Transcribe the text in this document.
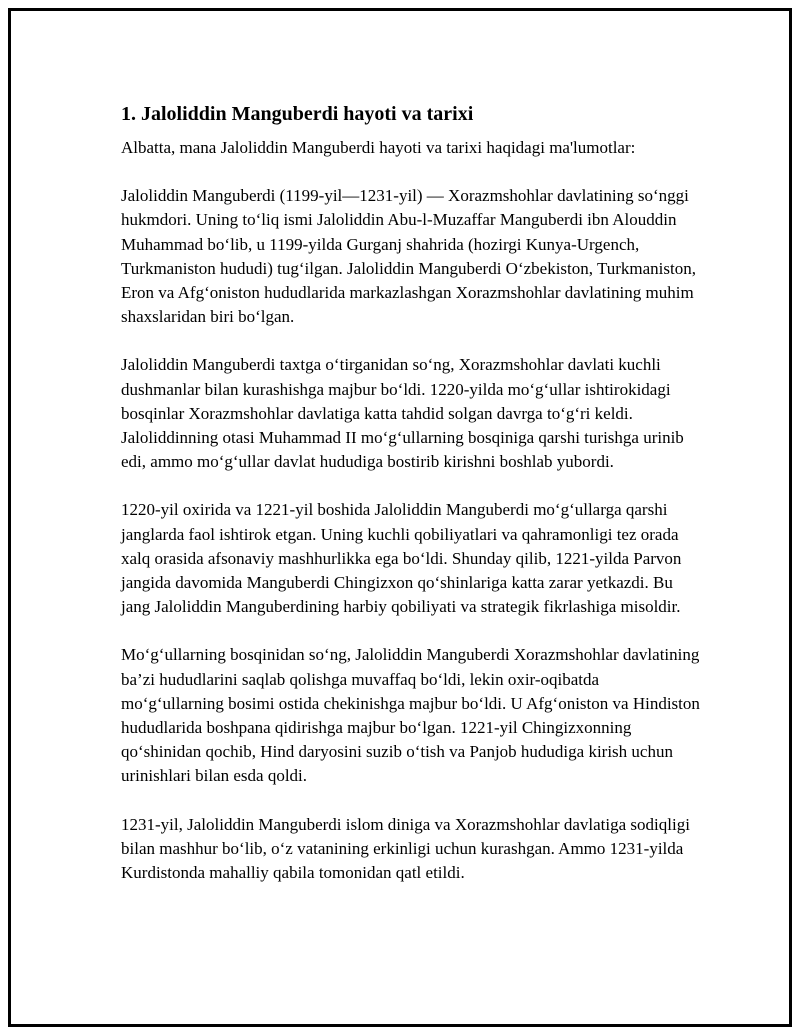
1. Jaloliddin Manguberdi hayoti va tarixi

Albatta, mana Jaloliddin Manguberdi hayoti va tarixi haqidagi ma'lumotlar:

Jaloliddin Manguberdi (1199-yil—1231-yil) — Xorazmshohlar davlatining so‘nggi hukmdori. Uning to‘liq ismi Jaloliddin Abu-l-Muzaffar Manguberdi ibn Alouddin Muhammad bo‘lib, u 1199-yilda Gurganj shahrida (hozirgi Kunya-Urgench, Turkmaniston hududi) tug‘ilgan. Jaloliddin Manguberdi O‘zbekiston, Turkmaniston, Eron va Afg‘oniston hududlarida markazlashgan Xorazmshohlar davlatining muhim shaxslaridan biri bo‘lgan.

Jaloliddin Manguberdi taxtga o‘tirganidan so‘ng, Xorazmshohlar davlati kuchli dushmanlar bilan kurashishga majbur bo‘ldi. 1220-yilda mo‘g‘ullar ishtirokidagi bosqinlar Xorazmshohlar davlatiga katta tahdid solgan davrga to‘g‘ri keldi. Jaloliddinning otasi Muhammad II mo‘g‘ullarning bosqiniga qarshi turishga urinib edi, ammo mo‘g‘ullar davlat hududiga bostirib kirishni boshlab yubordi.

1220-yil oxirida va 1221-yil boshida Jaloliddin Manguberdi mo‘g‘ullarga qarshi janglarda faol ishtirok etgan. Uning kuchli qobiliyatlari va qahramonligi tez orada xalq orasida afsonaviy mashhurlikka ega bo‘ldi. Shunday qilib, 1221-yilda Parvon jangida davomida Manguberdi Chingizxon qo‘shinlariga katta zarar yetkazdi. Bu jang Jaloliddin Manguberdining harbiy qobiliyati va strategik fikrlashiga misoldir.

Mo‘g‘ullarning bosqinidan so‘ng, Jaloliddin Manguberdi Xorazmshohlar davlatining ba’zi hududlarini saqlab qolishga muvaffaq bo‘ldi, lekin oxir-oqibatda mo‘g‘ullarning bosimi ostida chekinishga majbur bo‘ldi. U Afg‘oniston va Hindiston hududlarida boshpana qidirishga majbur bo‘lgan. 1221-yil Chingizxonning qo‘shinidan qochib, Hind daryosini suzib o‘tish va Panjob hududiga kirish uchun urinishlari bilan esda qoldi.

1231-yil, Jaloliddin Manguberdi islom diniga va Xorazmshohlar davlatiga sodiqligi bilan mashhur bo‘lib, o‘z vatanining erkinligi uchun kurashgan. Ammo 1231-yilda Kurdistonda mahalliy qabila tomonidan qatl etildi.
